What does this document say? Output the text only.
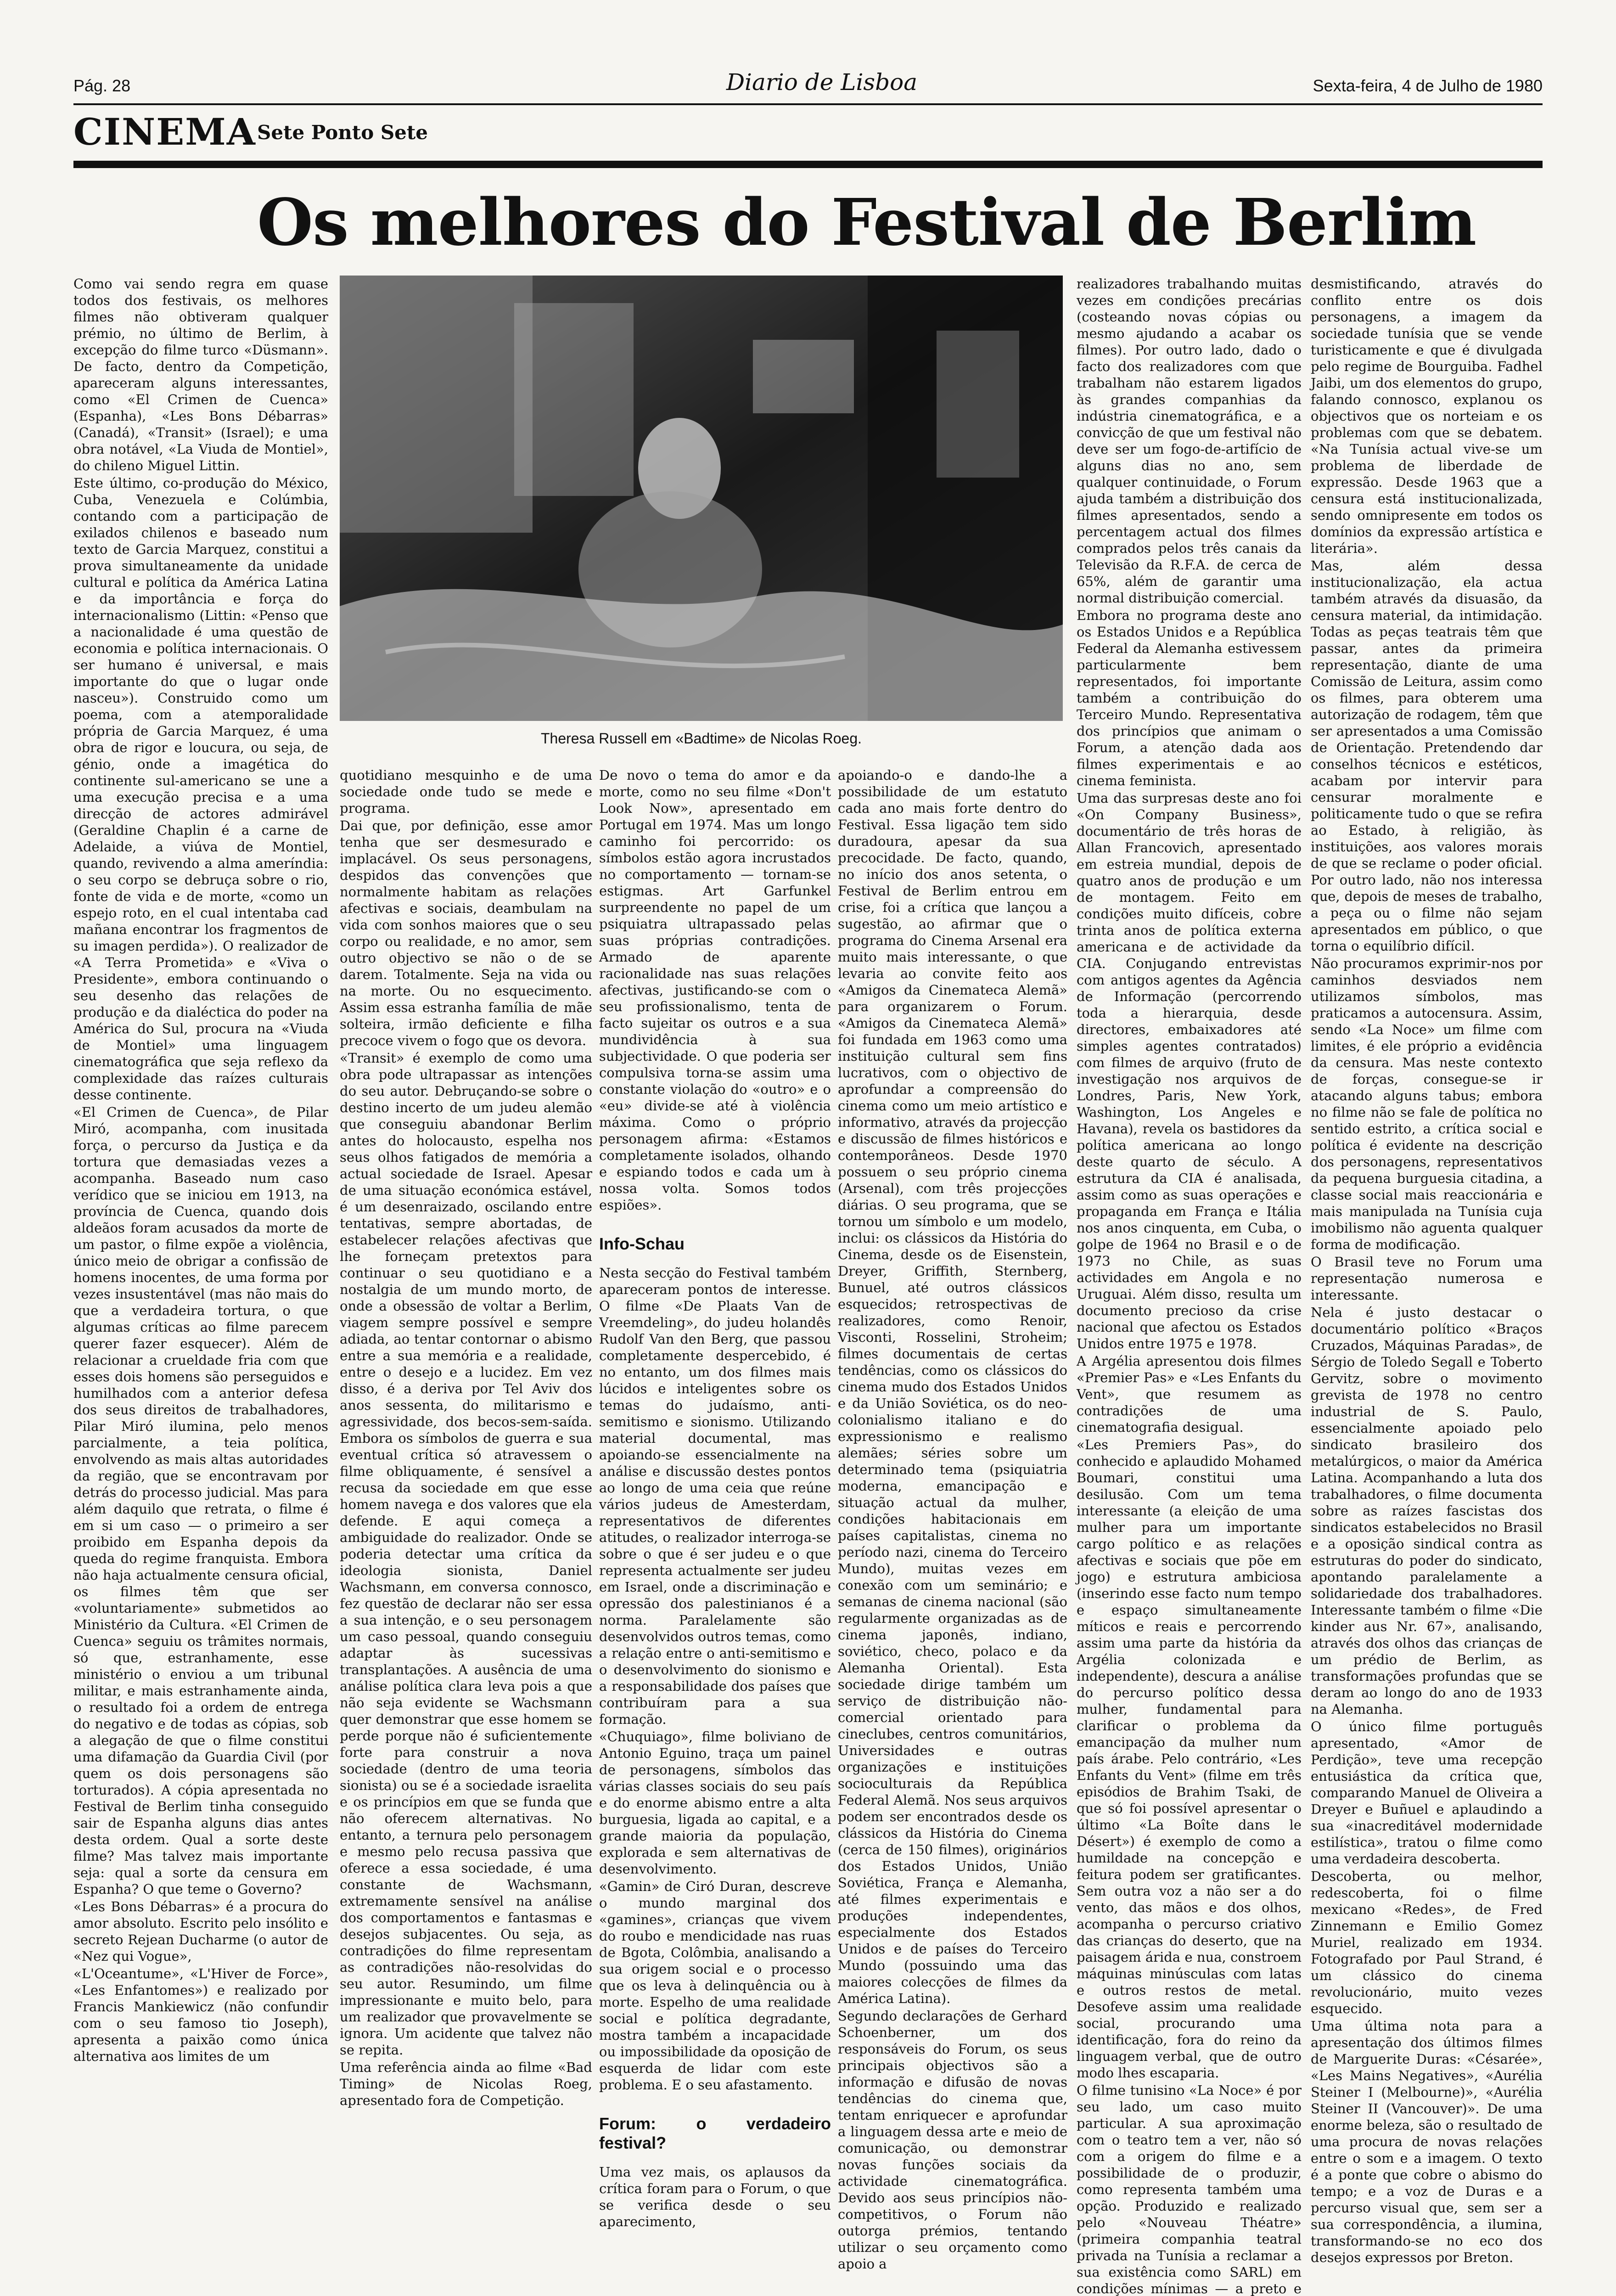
Pág. 28	Diario de Lisboa	Sexta-feira, 4 de Julho de 1980
CINEMA Sete Ponto Sete
Os melhores do Festival de Berlim
Theresa Russell em «Badtime» de Nicolas Roeg.

Como vai sendo regra em quase todos dos festivais, os melhores filmes não obtiveram qualquer prémio, no último de Berlim, à excepção do filme turco «Düsmann». De facto, dentro da Competição, apareceram alguns interessantes, como «El Crimen de Cuenca» (Espanha), «Les Bons Débarras» (Canadá), «Transit» (Israel); e uma obra notável, «La Viuda de Montiel», do chileno Miguel Littin.

Este último, co-produção do México, Cuba, Venezuela e Colúmbia, contando com a participação de exilados chilenos e baseado num texto de Garcia Marquez, constitui a prova simultaneamente da unidade cultural e política da América Latina e da importância e força do internacionalismo (Littin: «Penso que a nacionalidade é uma questão de economia e política internacionais. O ser humano é universal, e mais importante do que o lugar onde nasceu»). Construido como um poema, com a atemporalidade própria de Garcia Marquez, é uma obra de rigor e loucura, ou seja, de génio, onde a imagética do continente sul-americano se une a uma execução precisa e a uma direcção de actores admirável (Geraldine Chaplin é a carne de Adelaide, a viúva de Montiel, quando, revivendo a alma ameríndia: o seu corpo se debruça sobre o rio, fonte de vida e de morte, «como un espejo roto, en el cual intentaba cad mañana encontrar los fragmentos de su imagen perdida»). O realizador de «A Terra Prometida» e «Viva o Presidente», embora continuando o seu desenho das relações de produção e da dialéctica do poder na América do Sul, procura na «Viuda de Montiel» uma linguagem cinematográfica que seja reflexo da complexidade das raízes culturais desse continente.

«El Crimen de Cuenca», de Pilar Miró, acompanha, com inusitada força, o percurso da Justiça e da tortura que demasiadas vezes a acompanha. Baseado num caso verídico que se iniciou em 1913, na província de Cuenca, quando dois aldeãos foram acusados da morte de um pastor, o filme expõe a violência, único meio de obrigar a confissão de homens inocentes, de uma forma por vezes insustentável (mas não mais do que a verdadeira tortura, o que algumas críticas ao filme parecem querer fazer esquecer). Além de relacionar a crueldade fria com que esses dois homens são perseguidos e humilhados com a anterior defesa dos seus direitos de trabalhadores, Pilar Miró ilumina, pelo menos parcialmente, a teia política, envolvendo as mais altas autoridades da região, que se encontravam por detrás do processo judicial. Mas para além daquilo que retrata, o filme é em si um caso — o primeiro a ser proibido em Espanha depois da queda do regime franquista. Embora não haja actualmente censura oficial, os filmes têm que ser «voluntariamente» submetidos ao Ministério da Cultura. «El Crimen de Cuenca» seguiu os trâmites normais, só que, estranhamente, esse ministério o enviou a um tribunal militar, e mais estranhamente ainda, o resultado foi a ordem de entrega do negativo e de todas as cópias, sob a alegação de que o filme constitui uma difamação da Guardia Civil (por quem os dois personagens são torturados). A cópia apresentada no Festival de Berlim tinha conseguido sair de Espanha alguns dias antes desta ordem. Qual a sorte deste filme? Mas talvez mais importante seja: qual a sorte da censura em Espanha? O que teme o Governo?

«Les Bons Débarras» é a procura do amor absoluto. Escrito pelo insólito e secreto Rejean Ducharme (o autor de «Nez qui Vogue»,

«L'Oceantume», «L'Hiver de Force», «Les Enfantomes») e realizado por Francis Mankiewicz (não confundir com o seu famoso tio Joseph), apresenta a paixão como única alternativa aos limites de um

quotidiano mesquinho e de uma sociedade onde tudo se mede e programa.

Dai que, por definição, esse amor tenha que ser desmesurado e implacável. Os seus personagens, despidos das convenções que normalmente habitam as relações afectivas e sociais, deambulam na vida com sonhos maiores que o seu corpo ou realidade, e no amor, sem outro objectivo se não o de se darem. Totalmente. Seja na vida ou na morte. Ou no esquecimento. Assim essa estranha família de mãe solteira, irmão deficiente e filha precoce vivem o fogo que os devora.

«Transit» é exemplo de como uma obra pode ultrapassar as intenções do seu autor. Debruçando-se sobre o destino incerto de um judeu alemão que conseguiu abandonar Berlim antes do holocausto, espelha nos seus olhos fatigados de memória a actual sociedade de Israel. Apesar de uma situação económica estável, é um desenraizado, oscilando entre tentativas, sempre abortadas, de estabelecer relações afectivas que lhe forneçam pretextos para continuar o seu quotidiano e a nostalgia de um mundo morto, de onde a obsessão de voltar a Berlim, viagem sempre possível e sempre adiada, ao tentar contornar o abismo entre a sua memória e a realidade, entre o desejo e a lucidez. Em vez disso, é a deriva por Tel Aviv dos anos sessenta, do militarismo e agressividade, dos becos-sem-saída. Embora os símbolos de guerra e sua eventual crítica só atravessem o filme obliquamente, é sensível a recusa da sociedade em que esse homem navega e dos valores que ela defende. E aqui começa a ambiguidade do realizador. Onde se poderia detectar uma crítica da ideologia sionista, Daniel Wachsmann, em conversa connosco, fez questão de declarar não ser essa a sua intenção, e o seu personagem um caso pessoal, quando conseguiu adaptar às sucessivas transplantações. A ausência de uma análise política clara leva pois a que não seja evidente se Wachsmann quer demonstrar que esse homem se perde porque não é suficientemente forte para construir a nova sociedade (dentro de uma teoria sionista) ou se é a sociedade israelita e os princípios em que se funda que não oferecem alternativas. No entanto, a ternura pelo personagem e mesmo pelo recusa passiva que oferece a essa sociedade, é uma constante de Wachsmann, extremamente sensível na análise dos comportamentos e fantasmas e desejos subjacentes. Ou seja, as contradições do filme representam as contradições não-resolvidas do seu autor. Resumindo, um filme impressionante e muito belo, para um realizador que provavelmente se ignora. Um acidente que talvez não se repita.

Uma referência ainda ao filme «Bad Timing» de Nicolas Roeg, apresentado fora de Competição.

De novo o tema do amor e da morte, como no seu filme «Don't Look Now», apresentado em Portugal em 1974. Mas um longo caminho foi percorrido: os símbolos estão agora incrustados no comportamento — tornam-se estigmas. Art Garfunkel surpreendente no papel de um psiquiatra ultrapassado pelas suas próprias contradições. Armado de aparente racionalidade nas suas relações afectivas, justificando-se com o seu profissionalismo, tenta de facto sujeitar os outros e a sua mundividência à sua subjectividade. O que poderia ser compulsiva torna-se assim uma constante violação do «outro» e o «eu» divide-se até à violência máxima. Como o próprio personagem afirma: «Estamos completamente isolados, olhando e espiando todos e cada um à nossa volta. Somos todos espiões».

Info-Schau

Nesta secção do Festival também apareceram pontos de interesse. O filme «De Plaats Van de Vreemdeling», do judeu holandês Rudolf Van den Berg, que passou completamente despercebido, é no entanto, um dos filmes mais lúcidos e inteligentes sobre os temas do judaísmo, anti-semitismo e sionismo. Utilizando material documental, mas apoiando-se essencialmente na análise e discussão destes pontos ao longo de uma ceia que reúne vários judeus de Amesterdam, representativos de diferentes atitudes, o realizador interroga-se sobre o que é ser judeu e o que representa actualmente ser judeu em Israel, onde a discriminação e opressão dos palestinianos é a norma. Paralelamente são desenvolvidos outros temas, como a relação entre o anti-semitismo e o desenvolvimento do sionismo e a responsabilidade dos países que contribuíram para a sua formação.

«Chuquiago», filme boliviano de Antonio Eguino, traça um painel de personagens, símbolos das várias classes sociais do seu país e do enorme abismo entre a alta burguesia, ligada ao capital, e a grande maioria da população, explorada e sem alternativas de desenvolvimento.

«Gamin» de Ciró Duran, descreve o mundo marginal dos «gamines», crianças que vivem do roubo e mendicidade nas ruas de Bgota, Colômbia, analisando a sua origem social e o processo que os leva à delinquência ou à morte. Espelho de uma realidade social e política degradante, mostra também a incapacidade ou impossibilidade da oposição de esquerda de lidar com este problema. E o seu afastamento.

Forum: o verdadeiro festival?

Uma vez mais, os aplausos da crítica foram para o Forum, o que se verifica desde o seu aparecimento,

apoiando-o e dando-lhe a possibilidade de um estatuto cada ano mais forte dentro do Festival. Essa ligação tem sido duradoura, apesar da sua precocidade. De facto, quando, no início dos anos setenta, o Festival de Berlim entrou em crise, foi a crítica que lançou a sugestão, ao afirmar que o programa do Cinema Arsenal era muito mais interessante, o que levaria ao convite feito aos «Amigos da Cinemateca Alemã» para organizarem o Forum. «Amigos da Cinemateca Alemã» foi fundada em 1963 como uma instituição cultural sem fins lucrativos, com o objectivo de aprofundar a compreensão do cinema como um meio artístico e informativo, através da projecção e discussão de filmes históricos e contemporâneos. Desde 1970 possuem o seu próprio cinema (Arsenal), com três projecções diárias. O seu programa, que se tornou um símbolo e um modelo, inclui: os clássicos da História do Cinema, desde os de Eisenstein, Dreyer, Griffith, Sternberg, Bunuel, até outros clássicos esquecidos; retrospectivas de realizadores, como Renoir, Visconti, Rosselini, Stroheim; filmes documentais de certas tendências, como os clássicos do cinema mudo dos Estados Unidos e da União Soviética, os do neo-colonialismo italiano e do expressionismo e realismo alemães; séries sobre um determinado tema (psiquiatria moderna, emancipação e situação actual da mulher, condições habitacionais em países capitalistas, cinema no período nazi, cinema do Terceiro Mundo), muitas vezes em conexão com um seminário; e semanas de cinema nacional (são regularmente organizadas as de cinema japonês, indiano, soviético, checo, polaco e da Alemanha Oriental). Esta sociedade dirige também um serviço de distribuição não-comercial orientado para cineclubes, centros comunitários, Universidades e outras organizações e instituições socioculturais da República Federal Alemã. Nos seus arquivos podem ser encontrados desde os clássicos da História do Cinema (cerca de 150 filmes), originários dos Estados Unidos, União Soviética, França e Alemanha, até filmes experimentais e produções independentes, especialmente dos Estados Unidos e de países do Terceiro Mundo (possuindo uma das maiores colecções de filmes da América Latina).

Segundo declarações de Gerhard Schoenberner, um dos responsáveis do Forum, os seus principais objectivos são a informação e difusão de novas tendências do cinema que, tentam enriquecer e aprofundar a linguagem dessa arte e meio de comunicação, ou demonstrar novas funções sociais da actividade cinematográfica. Devido aos seus princípios não-competitivos, o Forum não outorga prémios, tentando utilizar o seu orçamento como apoio a

realizadores trabalhando muitas vezes em condições precárias (costeando novas cópias ou mesmo ajudando a acabar os filmes). Por outro lado, dado o facto dos realizadores com que trabalham não estarem ligados às grandes companhias da indústria cinematográfica, e a convicção de que um festival não deve ser um fogo-de-artifício de alguns dias no ano, sem qualquer continuidade, o Forum ajuda também a distribuição dos filmes apresentados, sendo a percentagem actual dos filmes comprados pelos três canais da Televisão da R.F.A. de cerca de 65%, além de garantir uma normal distribuição comercial.

Embora no programa deste ano os Estados Unidos e a República Federal da Alemanha estivessem particularmente bem representados, foi importante também a contribuição do Terceiro Mundo. Representativa dos princípios que animam o Forum, a atenção dada aos filmes experimentais e ao cinema feminista.

Uma das surpresas deste ano foi «On Company Business», documentário de três horas de Allan Francovich, apresentado em estreia mundial, depois de quatro anos de produção e um de montagem. Feito em condições muito difíceis, cobre trinta anos de política externa americana e de actividade da CIA. Conjugando entrevistas com antigos agentes da Agência de Informação (percorrendo toda a hierarquia, desde directores, embaixadores até simples agentes contratados) com filmes de arquivo (fruto de investigação nos arquivos de Londres, Paris, New York, Washington, Los Angeles e Havana), revela os bastidores da política americana ao longo deste quarto de século. A estrutura da CIA é analisada, assim como as suas operações e propaganda em França e Itália nos anos cinquenta, em Cuba, o golpe de 1964 no Brasil e o de 1973 no Chile, as suas actividades em Angola e no Uruguai. Além disso, resulta um documento precioso da crise nacional que afectou os Estados Unidos entre 1975 e 1978.

A Argélia apresentou dois filmes «Premier Pas» e «Les Enfants du Vent», que resumem as contradições de uma cinematografia desigual.

«Les Premiers Pas», do conhecido e aplaudido Mohamed Boumari, constitui uma desilusão. Com um tema interessante (a eleição de uma mulher para um importante cargo político e as relações afectivas e sociais que põe em jogo) e estrutura ambiciosa (inserindo esse facto num tempo e espaço simultaneamente míticos e reais e percorrendo assim uma parte da história da Argélia colonizada e independente), descura a análise do percurso político dessa mulher, fundamental para clarificar o problema da emancipação da mulher num país árabe. Pelo contrário, «Les Enfants du Vent» (filme em três episódios de Brahim Tsaki, de que só foi possível apresentar o último «La Boîte dans le Désert») é exemplo de como a humildade na concepção e feitura podem ser gratificantes. Sem outra voz a não ser a do vento, das mãos e dos olhos, acompanha o percurso criativo das crianças do deserto, que na paisagem árida e nua, constroem máquinas minúsculas com latas e outros restos de metal. Desofeve assim uma realidade social, procurando uma identificação, fora do reino da linguagem verbal, que de outro modo lhes escaparia.

O filme tunisino «La Noce» é por seu lado, um caso muito particular. A sua aproximação com o teatro tem a ver, não só com a origem do filme e a possibilidade de o produzir, como representa também uma opção. Produzido e realizado pelo «Nouveau Théatre» (primeira companhia teatral privada na Tunísia a reclamar a sua existência como SARL) em condições mínimas — a preto e

desmistificando, através do conflito entre os dois personagens, a imagem da sociedade tunísia que se vende turisticamente e que é divulgada pelo regime de Bourguiba. Fadhel Jaibi, um dos elementos do grupo, falando connosco, explanou os objectivos que os norteiam e os problemas com que se debatem. «Na Tunísia actual vive-se um problema de liberdade de expressão. Desde 1963 que a censura está institucionalizada, sendo omnipresente em todos os domínios da expressão artística e literária».

Mas, além dessa institucionalização, ela actua também através da disuasão, da censura material, da intimidação. Todas as peças teatrais têm que passar, antes da primeira representação, diante de uma Comissão de Leitura, assim como os filmes, para obterem uma autorização de rodagem, têm que ser apresentados a uma Comissão de Orientação. Pretendendo dar conselhos técnicos e estéticos, acabam por intervir para censurar moralmente e politicamente tudo o que se refira ao Estado, à religião, às instituições, aos valores morais de que se reclame o poder oficial. Por outro lado, não nos interessa que, depois de meses de trabalho, a peça ou o filme não sejam apresentados em público, o que torna o equilíbrio difícil.

Não procuramos exprimir-nos por caminhos desviados nem utilizamos símbolos, mas praticamos a autocensura. Assim, sendo «La Noce» um filme com limites, é ele próprio a evidência da censura. Mas neste contexto de forças, consegue-se ir atacando alguns tabus; embora no filme não se fale de política no sentido estrito, a crítica social e política é evidente na descrição dos personagens, representativos da pequena burguesia citadina, a classe social mais reaccionária e mais manipulada na Tunísia cuja imobilismo não aguenta qualquer forma de modificação.

O Brasil teve no Forum uma representação numerosa e interessante.

Nela é justo destacar o documentário político «Braços Cruzados, Máquinas Paradas», de Sérgio de Toledo Segall e Toberto Gervitz, sobre o movimento grevista de 1978 no centro industrial de S. Paulo, essencialmente apoiado pelo sindicato brasileiro dos metalúrgicos, o maior da América Latina. Acompanhando a luta dos trabalhadores, o filme documenta sobre as raízes fascistas dos sindicatos estabelecidos no Brasil e a oposição sindical contra as estruturas do poder do sindicato, apontando paralelamente a solidariedade dos trabalhadores. Interessante também o filme «Die kinder aus Nr. 67», analisando, através dos olhos das crianças de um prédio de Berlim, as transformações profundas que se deram ao longo do ano de 1933 na Alemanha.

O único filme português apresentado, «Amor de Perdição», teve uma recepção entusiástica da crítica que, comparando Manuel de Oliveira a Dreyer e Buñuel e aplaudindo a sua «inacreditável modernidade estilística», tratou o filme como uma verdadeira descoberta.

Descoberta, ou melhor, redescoberta, foi o filme mexicano «Redes», de Fred Zinnemann e Emilio Gomez Muriel, realizado em 1934. Fotografado por Paul Strand, é um clássico do cinema revolucionário, muito vezes esquecido.

Uma última nota para a apresentação dos últimos filmes de Marguerite Duras: «Césarée», «Les Mains Negatives», «Aurélia Steiner I (Melbourne)», «Aurélia Steiner II (Vancouver)». De uma enorme beleza, são o resultado de uma procura de novas relações entre o som e a imagem. O texto é a ponte que cobre o abismo do tempo; e a voz de Duras e a percurso visual que, sem ser a sua correspondência, a ilumina, transformando-se no eco dos desejos expressos por Breton.
